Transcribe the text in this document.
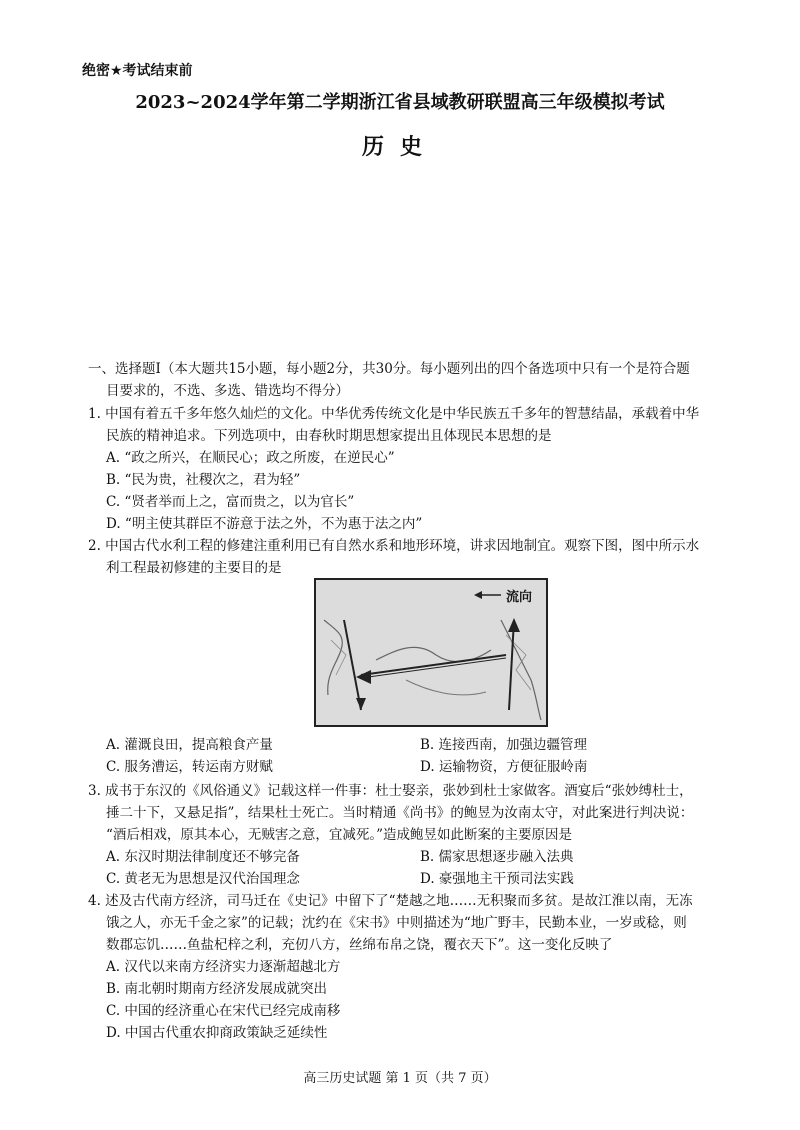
绝密★考试结束前
2023~2024学年第二学期浙江省县域教研联盟高三年级模拟考试
历史
一、选择题Ⅰ（本大题共15小题，每小题2分，共30分。每小题列出的四个备选项中只有一个是符合题
目要求的，不选、多选、错选均不得分）
1. 中国有着五千多年悠久灿烂的文化。中华优秀传统文化是中华民族五千多年的智慧结晶，承载着中华
民族的精神追求。下列选项中，由春秋时期思想家提出且体现民本思想的是
A. “政之所兴，在顺民心；政之所废，在逆民心”
B. “民为贵，社稷次之，君为轻”
C. “贤者举而上之，富而贵之，以为官长”
D. “明主使其群臣不游意于法之外，不为惠于法之内”
2. 中国古代水利工程的修建注重利用已有自然水系和地形环境，讲求因地制宜。观察下图，图中所示水
利工程最初修建的主要目的是
流向
A. 灌溉良田，提高粮食产量	B. 连接西南，加强边疆管理
C. 服务漕运，转运南方财赋	D. 运输物资，方便征服岭南
3. 成书于东汉的《风俗通义》记载这样一件事：杜士娶亲，张妙到杜士家做客。酒宴后“张妙缚杜士，
捶二十下，又悬足指”，结果杜士死亡。当时精通《尚书》的鲍昱为汝南太守，对此案进行判决说：
“酒后相戏，原其本心，无贼害之意，宜减死。”造成鲍昱如此断案的主要原因是
A. 东汉时期法律制度还不够完备	B. 儒家思想逐步融入法典
C. 黄老无为思想是汉代治国理念	D. 豪强地主干预司法实践
4. 述及古代南方经济，司马迁在《史记》中留下了“楚越之地……无积聚而多贫。是故江淮以南，无冻
饿之人，亦无千金之家”的记载；沈约在《宋书》中则描述为“地广野丰，民勤本业，一岁或稔，则
数郡忘饥……鱼盐杞梓之利，充仞八方，丝绵布帛之饶，覆衣天下”。这一变化反映了
A. 汉代以来南方经济实力逐渐超越北方
B. 南北朝时期南方经济发展成就突出
C. 中国的经济重心在宋代已经完成南移
D. 中国古代重农抑商政策缺乏延续性
高三历史试题 第 1 页（共 7 页）
